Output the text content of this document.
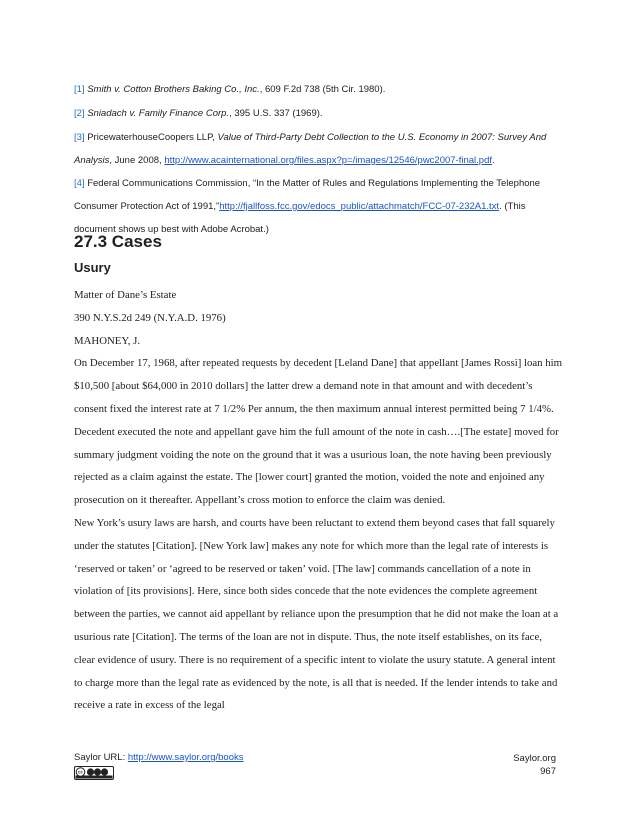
[1] Smith v. Cotton Brothers Baking Co., Inc., 609 F.2d 738 (5th Cir. 1980).
[2] Sniadach v. Family Finance Corp., 395 U.S. 337 (1969).
[3] PricewaterhouseCoopers LLP, Value of Third-Party Debt Collection to the U.S. Economy in 2007: Survey And Analysis, June 2008, http://www.acainternational.org/files.aspx?p=/images/12546/pwc2007-final.pdf.
[4] Federal Communications Commission, “In the Matter of Rules and Regulations Implementing the Telephone Consumer Protection Act of 1991,”http://fjallfoss.fcc.gov/edocs_public/attachmatch/FCC-07-232A1.txt. (This document shows up best with Adobe Acrobat.)
27.3 Cases
Usury

Matter of Dane’s Estate

390 N.Y.S.2d 249 (N.Y.A.D. 1976)

MAHONEY, J.

On December 17, 1968, after repeated requests by decedent [Leland Dane] that appellant [James Rossi] loan him $10,500 [about $64,000 in 2010 dollars] the latter drew a demand note in that amount and with decedent’s consent fixed the interest rate at 7 1/2% Per annum, the then maximum annual interest permitted being 7 1/4%. Decedent executed the note and appellant gave him the full amount of the note in cash….[The estate] moved for summary judgment voiding the note on the ground that it was a usurious loan, the note having been previously rejected as a claim against the estate. The [lower court] granted the motion, voided the note and enjoined any prosecution on it thereafter. Appellant’s cross motion to enforce the claim was denied.

New York’s usury laws are harsh, and courts have been reluctant to extend them beyond cases that fall squarely under the statutes [Citation]. [New York law] makes any note for which more than the legal rate of interests is ‘reserved or taken’ or ‘agreed to be reserved or taken’ void. [The law] commands cancellation of a note in violation of [its provisions]. Here, since both sides concede that the note evidences the complete agreement between the parties, we cannot aid appellant by reliance upon the presumption that he did not make the loan at a usurious rate [Citation]. The terms of the loan are not in dispute. Thus, the note itself establishes, on its face, clear evidence of usury. There is no requirement of a specific intent to violate the usury statute. A general intent to charge more than the legal rate as evidenced by the note, is all that is needed. If the lender intends to take and receive a rate in excess of the legal

Saylor URL: http://www.saylor.org/books
cc
Saylor.org
967
